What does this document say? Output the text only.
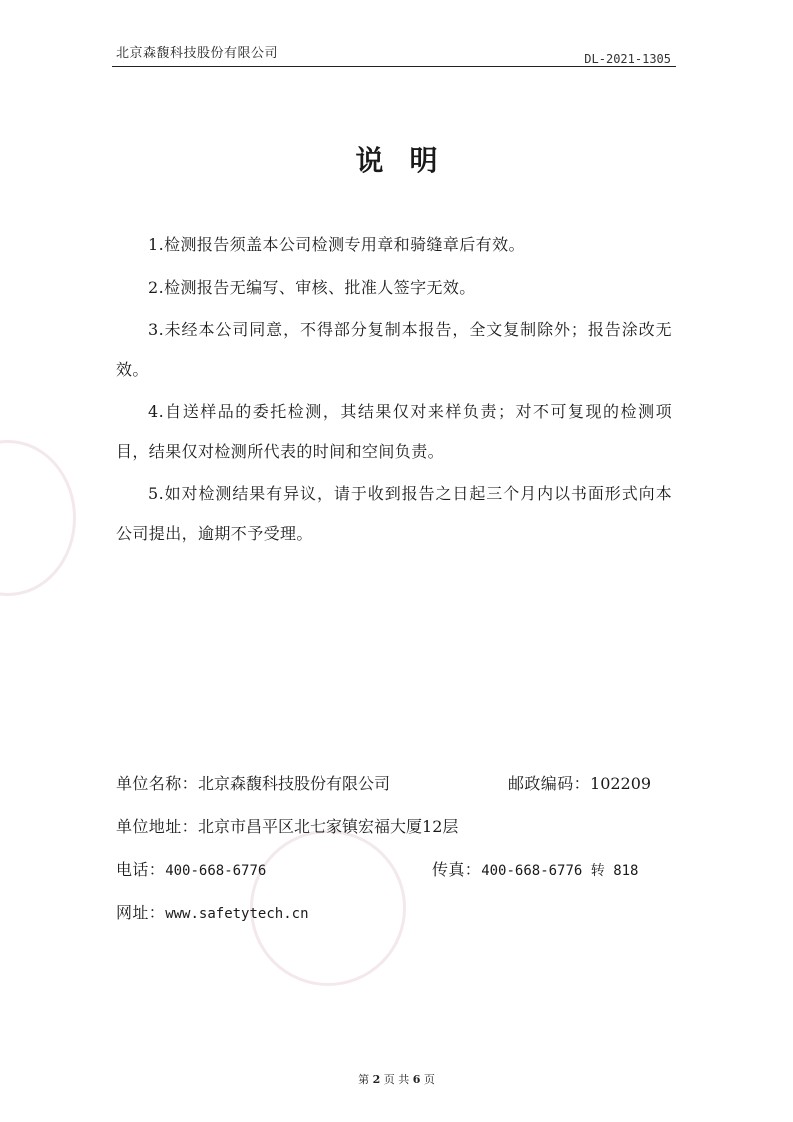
北京森馥科技股份有限公司	DL-2021-1305
说明

1.检测报告须盖本公司检测专用章和骑缝章后有效。

2.检测报告无编写、审核、批准人签字无效。

3.未经本公司同意，不得部分复制本报告，全文复制除外；报告涂改无效。

4.自送样品的委托检测，其结果仅对来样负责；对不可复现的检测项目，结果仅对检测所代表的时间和空间负责。

5.如对检测结果有异议，请于收到报告之日起三个月内以书面形式向本公司提出，逾期不予受理。

单位名称：北京森馥科技股份有限公司	邮政编码：102209
单位地址：北京市昌平区北七家镇宏福大厦12层
电话：400-668-6776	传真：400-668-6776 转 818
网址：www.safetytech.cn
第 2 页 共 6 页
